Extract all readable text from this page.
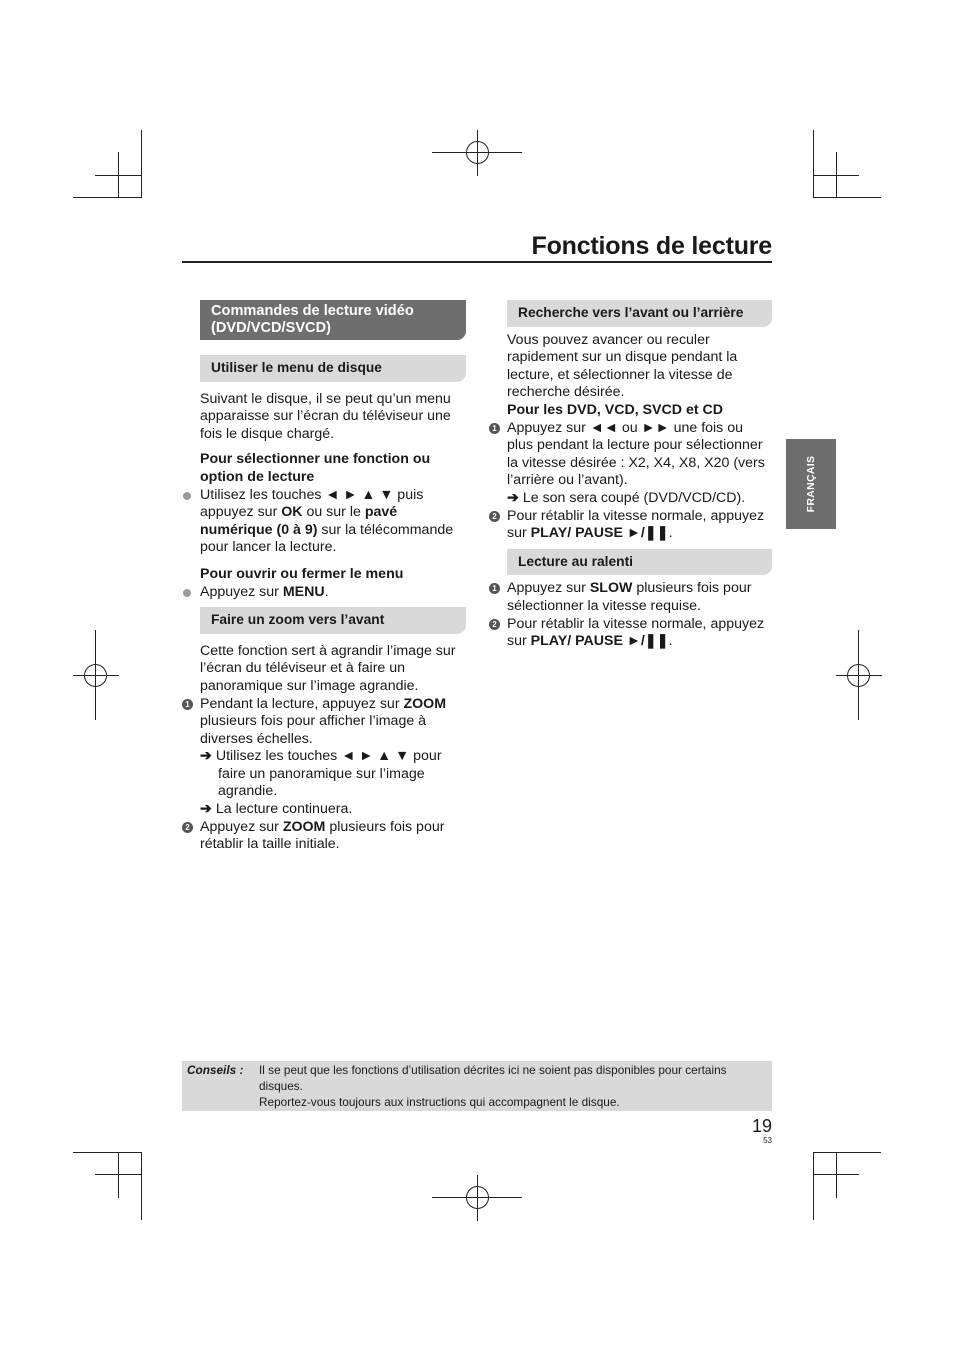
Fonctions de lecture
FRANÇAIS
Commandes de lecture vidéo (DVD/VCD/SVCD)
Utiliser le menu de disque

Suivant le disque, il se peut qu’un menu apparaisse sur l’écran du téléviseur une fois le disque chargé.

Pour sélectionner une fonction ou option de lecture

Utilisez les touches ◄ ► ▲ ▼ puis appuyez sur OK ou sur le pavé numérique (0 à 9) sur la télécommande pour lancer la lecture.

Pour ouvrir ou fermer le menu

Appuyez sur MENU.
Faire un zoom vers l’avant

Cette fonction sert à agrandir l’image sur l’écran du téléviseur et à faire un panoramique sur l’image agrandie.

1 Pendant la lecture, appuyez sur ZOOM plusieurs fois pour afficher l’image à diverses échelles.

➔ Utilisez les touches ◄ ► ▲ ▼ pour faire un panoramique sur l’image agrandie.

➔ La lecture continuera.

2 Appuyez sur ZOOM plusieurs fois pour rétablir la taille initiale.
Recherche vers l’avant ou l’arrière

Vous pouvez avancer ou reculer rapidement sur un disque pendant la lecture, et sélectionner la vitesse de recherche désirée.

Pour les DVD, VCD, SVCD et CD

1 Appuyez sur ◄◄ ou ►► une fois ou plus pendant la lecture pour sélectionner la vitesse désirée : X2, X4, X8, X20 (vers l’arrière ou l’avant).

➔ Le son sera coupé (DVD/VCD/CD).

2 Pour rétablir la vitesse normale, appuyez sur PLAY/ PAUSE ►/❚❚.
Lecture au ralenti
1 Appuyez sur SLOW plusieurs fois pour sélectionner la vitesse requise.
2 Pour rétablir la vitesse normale, appuyez sur PLAY/ PAUSE ►/❚❚.
Conseils : Il se peut que les fonctions d’utilisation décrites ici ne soient pas disponibles pour certains disques.
Reportez-vous toujours aux instructions qui accompagnent le disque.
19
53
